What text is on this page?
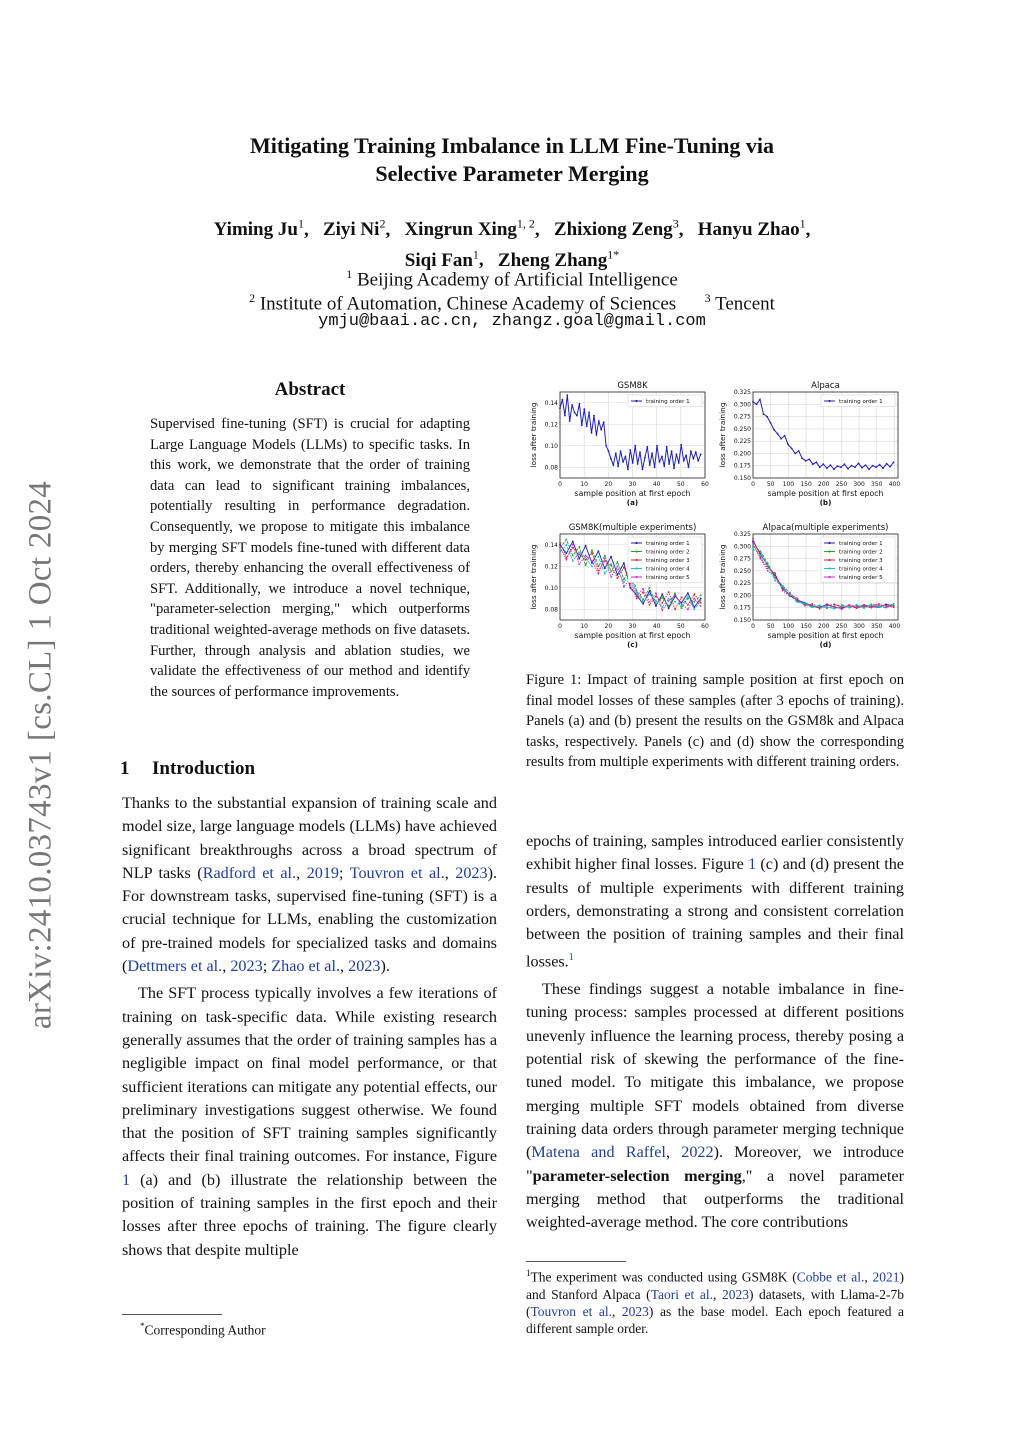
arXiv:2410.03743v1 [cs.CL] 1 Oct 2024
Mitigating Training Imbalance in LLM Fine-Tuning via
Selective Parameter Merging
Yiming Ju$^1$,   Ziyi Ni$^2$,   Xingrun Xing$^{1, 2}$,   Zhixiong Zeng$^3$,   Hanyu Zhao$^1$,
Siqi Fan$^1$,   Zheng Zhang$^{1*}$
$^1$ Beijing Academy of Artificial Intelligence
$^2$ Institute of Automation, Chinese Academy of Sciences $^3$ Tencent
ymju@baai.ac.cn, zhangz.goal@gmail.com
Abstract
Supervised fine-tuning (SFT) is crucial for adapting Large Language Models (LLMs) to specific tasks. In this work, we demonstrate that the order of training data can lead to significant training imbalances, potentially resulting in performance degradation. Consequently, we propose to mitigate this imbalance by merging SFT models fine-tuned with different data orders, thereby enhancing the overall effectiveness of SFT. Additionally, we introduce a novel technique, "parameter-selection merging," which outperforms traditional weighted-average methods on five datasets. Further, through analysis and ablation studies, we validate the effectiveness of our method and identify the sources of performance improvements.
1 Introduction

Thanks to the substantial expansion of training scale and model size, large language models (LLMs) have achieved significant breakthroughs across a broad spectrum of NLP tasks (Radford et al., 2019; Touvron et al., 2023). For downstream tasks, supervised fine-tuning (SFT) is a crucial technique for LLMs, enabling the customization of pre-trained models for specialized tasks and domains (Dettmers et al., 2023; Zhao et al., 2023).

The SFT process typically involves a few iterations of training on task-specific data. While existing research generally assumes that the order of training samples has a negligible impact on final model performance, or that sufficient iterations can mitigate any potential effects, our preliminary investigations suggest otherwise. We found that the position of SFT training samples significantly affects their final training outcomes. For instance, Figure 1 (a) and (b) illustrate the relationship between the position of training samples in the first epoch and their losses after three epochs of training. The figure clearly shows that despite multiple

*Corresponding Author
0	10	20	30	40	50	60
0.08
0.10
0.12
0.14	training order 1
GSM8K
sample position at first epoch
(a)
loss after training
0 50 100 150 200 250 300 350 400
0.150
0.175
0.200
0.225
0.250
0.275
0.300
0.325
training order 1
Alpaca
sample position at first epoch
(b)
loss after training
0	10	20	30	40	50	60
0.08
0.10
0.12
0.14	training order 1
training order 2
training order 3
training order 4
training order 5
GSM8K(multiple experiments)
sample position at first epoch
(c)
loss after training
0 50 100 150 200 250 300 350 400
0.150
0.175
0.200
0.225
0.250
0.275
0.300
0.325
training order 1
training order 2
training order 3
training order 4
training order 5
Alpaca(multiple experiments)
sample position at first epoch
(d)
loss after training
Figure 1: Impact of training sample position at first epoch on final model losses of these samples (after 3 epochs of training). Panels (a) and (b) present the results on the GSM8k and Alpaca tasks, respectively. Panels (c) and (d) show the corresponding results from multiple experiments with different training orders.

epochs of training, samples introduced earlier consistently exhibit higher final losses. Figure 1 (c) and (d) present the results of multiple experiments with different training orders, demonstrating a strong and consistent correlation between the position of training samples and their final losses.$^1$

These findings suggest a notable imbalance in fine-tuning process: samples processed at different positions unevenly influence the learning process, thereby posing a potential risk of skewing the performance of the fine-tuned model. To mitigate this imbalance, we propose merging multiple SFT models obtained from diverse training data orders through parameter merging technique (Matena and Raffel, 2022). Moreover, we introduce "parameter-selection merging," a novel parameter merging method that outperforms the traditional weighted-average method. The core contributions

$^1$The experiment was conducted using GSM8K (Cobbe et al., 2021) and Stanford Alpaca (Taori et al., 2023) datasets, with Llama-2-7b (Touvron et al., 2023) as the base model. Each epoch featured a different sample order.
